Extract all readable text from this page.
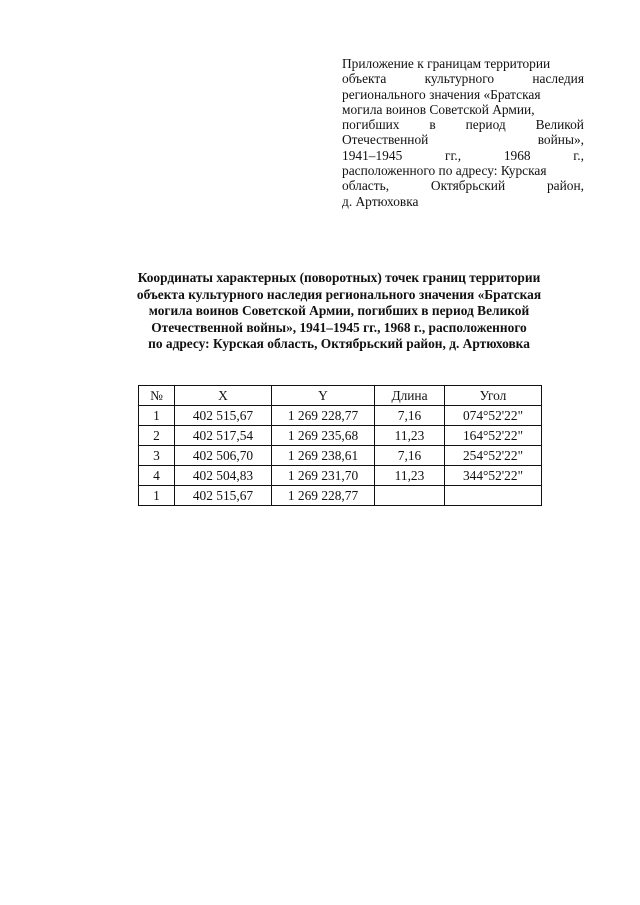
Приложение к границам территории
объекта	культурного	наследия
регионального значения «Братская
могила воинов Советской Армии,
погибших в период Великой
Отечественной	войны»,
1941–1945	гг.,	1968	г.,
расположенного по адресу: Курская
область,	Октябрьский	район,
д. Артюховка
Координаты характерных (поворотных) точек границ территории
объекта культурного наследия регионального значения «Братская
могила воинов Советской Армии, погибших в период Великой
Отечественной войны», 1941–1945 гг., 1968 г., расположенного
по адресу: Курская область, Октябрьский район, д. Артюховка
№	X	Y	Длина	Угол
1	402 515,67	1 269 228,77	7,16	074°52'22"
2	402 517,54	1 269 235,68	11,23	164°52'22"
3	402 506,70	1 269 238,61	7,16	254°52'22"
4	402 504,83	1 269 231,70	11,23	344°52'22"
1	402 515,67	1 269 228,77		
